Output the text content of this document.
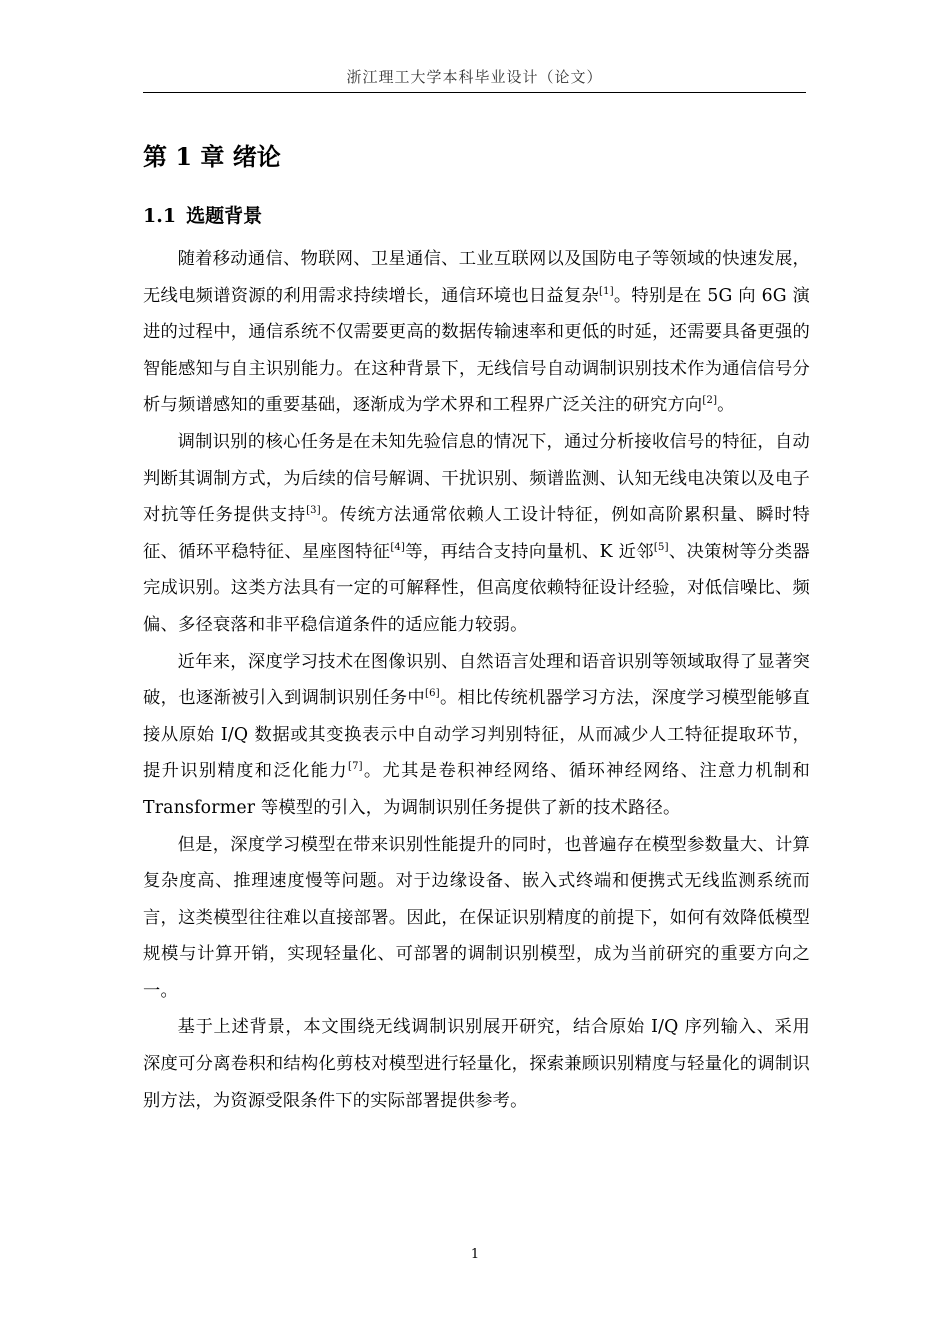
浙江理工大学本科毕业设计（论文）
第 1 章 绪论
1.1 选题背景

随着移动通信、物联网、卫星通信、工业互联网以及国防电子等领域的快速发展，无线电频谱资源的利用需求持续增长，通信环境也日益复杂[1]。特别是在 5G 向 6G 演进的过程中，通信系统不仅需要更高的数据传输速率和更低的时延，还需要具备更强的智能感知与自主识别能力。在这种背景下，无线信号自动调制识别技术作为通信信号分析与频谱感知的重要基础，逐渐成为学术界和工程界广泛关注的研究方向[2]。

调制识别的核心任务是在未知先验信息的情况下，通过分析接收信号的特征，自动判断其调制方式，为后续的信号解调、干扰识别、频谱监测、认知无线电决策以及电子对抗等任务提供支持[3]。传统方法通常依赖人工设计特征，例如高阶累积量、瞬时特征、循环平稳特征、星座图特征[4]等，再结合支持向量机、K 近邻[5]、决策树等分类器完成识别。这类方法具有一定的可解释性，但高度依赖特征设计经验，对低信噪比、频偏、多径衰落和非平稳信道条件的适应能力较弱。

近年来，深度学习技术在图像识别、自然语言处理和语音识别等领域取得了显著突破，也逐渐被引入到调制识别任务中[6]。相比传统机器学习方法，深度学习模型能够直接从原始 I/Q 数据或其变换表示中自动学习判别特征，从而减少人工特征提取环节，提升识别精度和泛化能力[7]。尤其是卷积神经网络、循环神经网络、注意力机制和 Transformer 等模型的引入，为调制识别任务提供了新的技术路径。

但是，深度学习模型在带来识别性能提升的同时，也普遍存在模型参数量大、计算复杂度高、推理速度慢等问题。对于边缘设备、嵌入式终端和便携式无线监测系统而言，这类模型往往难以直接部署。因此，在保证识别精度的前提下，如何有效降低模型规模与计算开销，实现轻量化、可部署的调制识别模型，成为当前研究的重要方向之一。

基于上述背景，本文围绕无线调制识别展开研究，结合原始 I/Q 序列输入、采用深度可分离卷积和结构化剪枝对模型进行轻量化，探索兼顾识别精度与轻量化的调制识别方法，为资源受限条件下的实际部署提供参考。

1
